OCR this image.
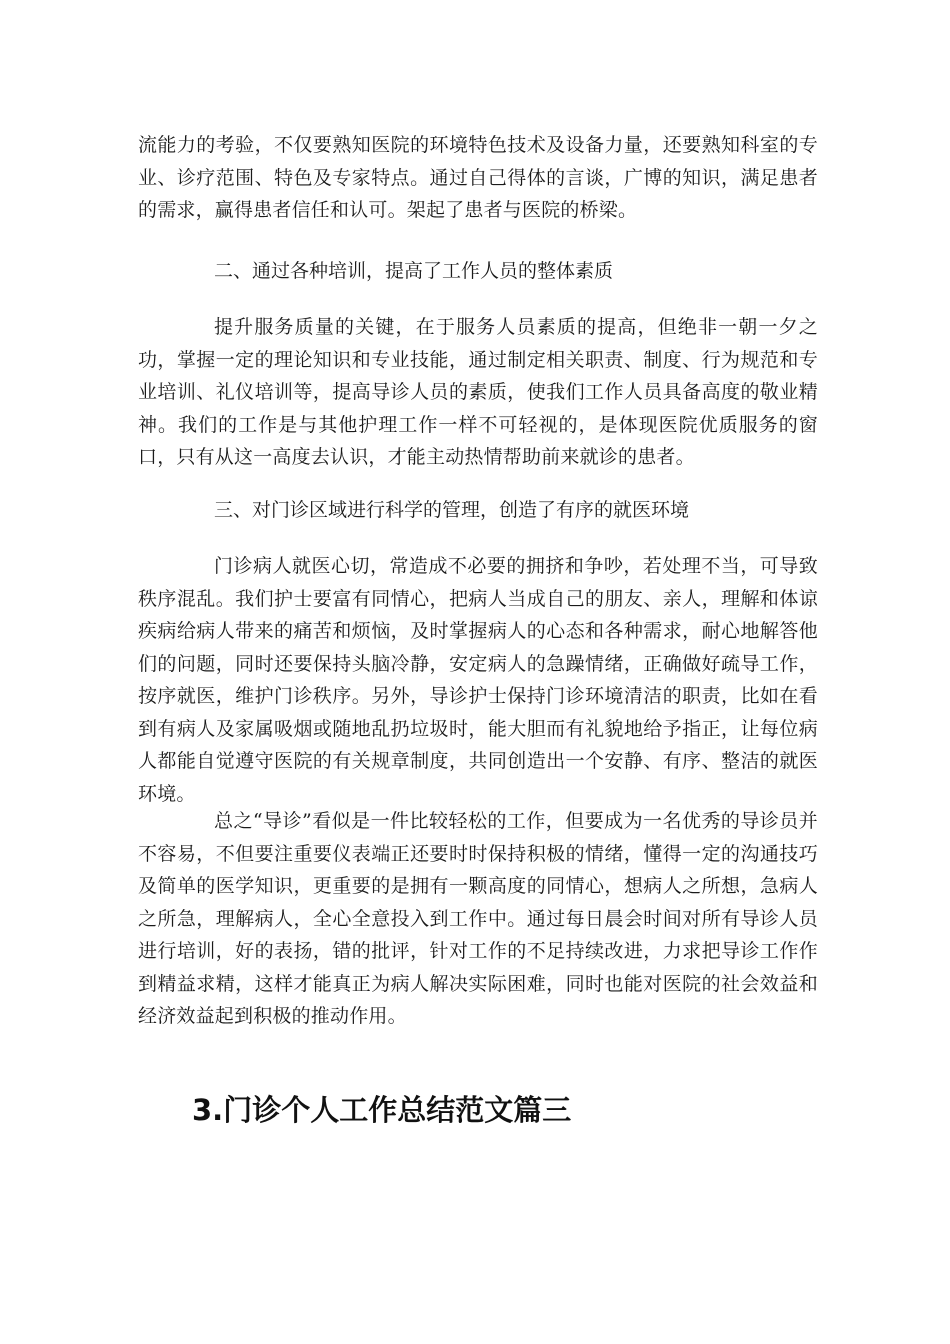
流能力的考验，不仅要熟知医院的环境特色技术及设备力量，还要熟知科室的专业、诊疗范围、特色及专家特点。通过自己得体的言谈，广博的知识，满足患者的需求，赢得患者信任和认可。架起了患者与医院的桥梁。

二、通过各种培训，提高了工作人员的整体素质

提升服务质量的关键，在于服务人员素质的提高，但绝非一朝一夕之功，掌握一定的理论知识和专业技能，通过制定相关职责、制度、行为规范和专业培训、礼仪培训等，提高导诊人员的素质，使我们工作人员具备高度的敬业精神。我们的工作是与其他护理工作一样不可轻视的，是体现医院优质服务的窗口，只有从这一高度去认识，才能主动热情帮助前来就诊的患者。

三、对门诊区域进行科学的管理，创造了有序的就医环境

门诊病人就医心切，常造成不必要的拥挤和争吵，若处理不当，可导致秩序混乱。我们护士要富有同情心，把病人当成自己的朋友、亲人，理解和体谅疾病给病人带来的痛苦和烦恼，及时掌握病人的心态和各种需求，耐心地解答他们的问题，同时还要保持头脑冷静，安定病人的急躁情绪，正确做好疏导工作，按序就医，维护门诊秩序。另外，导诊护士保持门诊环境清洁的职责，比如在看到有病人及家属吸烟或随地乱扔垃圾时，能大胆而有礼貌地给予指正，让每位病人都能自觉遵守医院的有关规章制度，共同创造出一个安静、有序、整洁的就医环境。

总之“导诊”看似是一件比较轻松的工作，但要成为一名优秀的导诊员并不容易，不但要注重要仪表端正还要时时保持积极的情绪，懂得一定的沟通技巧及简单的医学知识，更重要的是拥有一颗高度的同情心，想病人之所想，急病人之所急，理解病人，全心全意投入到工作中。通过每日晨会时间对所有导诊人员进行培训，好的表扬，错的批评，针对工作的不足持续改进，力求把导诊工作作到精益求精，这样才能真正为病人解决实际困难，同时也能对医院的社会效益和经济效益起到积极的推动作用。

3.门诊个人工作总结范文篇三
